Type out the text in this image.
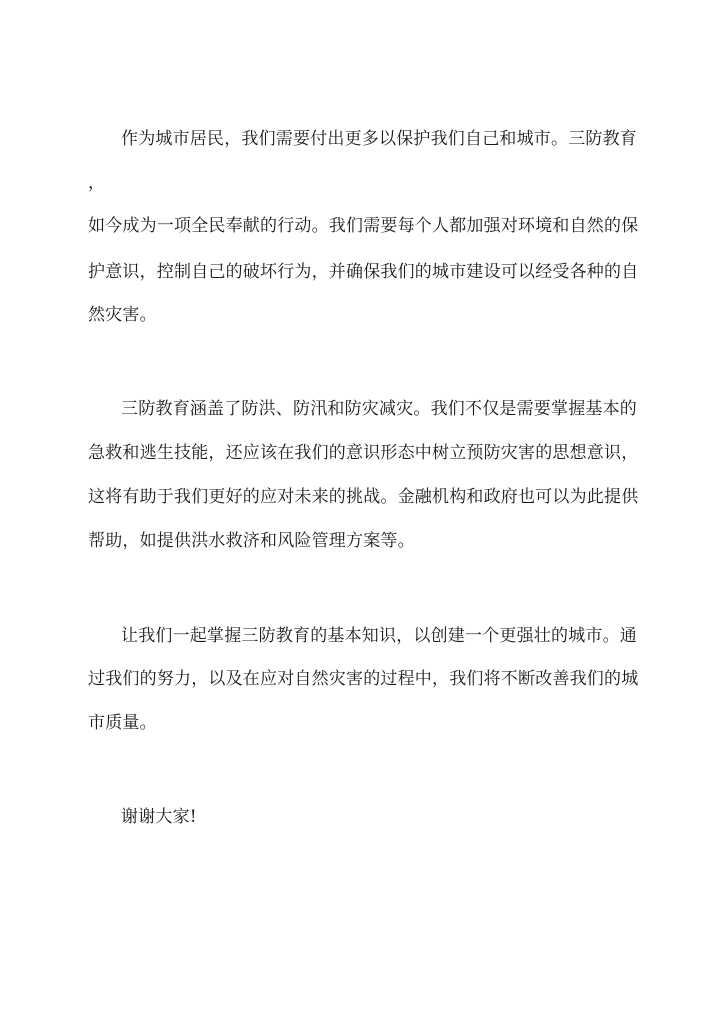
作为城市居民，我们需要付出更多以保护我们自己和城市。三防教育
，
如今成为一项全民奉献的行动。我们需要每个人都加强对环境和自然的保
护意识，控制自己的破坏行为，并确保我们的城市建设可以经受各种的自
然灾害。
三防教育涵盖了防洪、防汛和防灾减灾。我们不仅是需要掌握基本的
急救和逃生技能，还应该在我们的意识形态中树立预防灾害的思想意识，
这将有助于我们更好的应对未来的挑战。金融机构和政府也可以为此提供
帮助，如提供洪水救济和风险管理方案等。
让我们一起掌握三防教育的基本知识，以创建一个更强壮的城市。通
过我们的努力，以及在应对自然灾害的过程中，我们将不断改善我们的城
市质量。
谢谢大家!
